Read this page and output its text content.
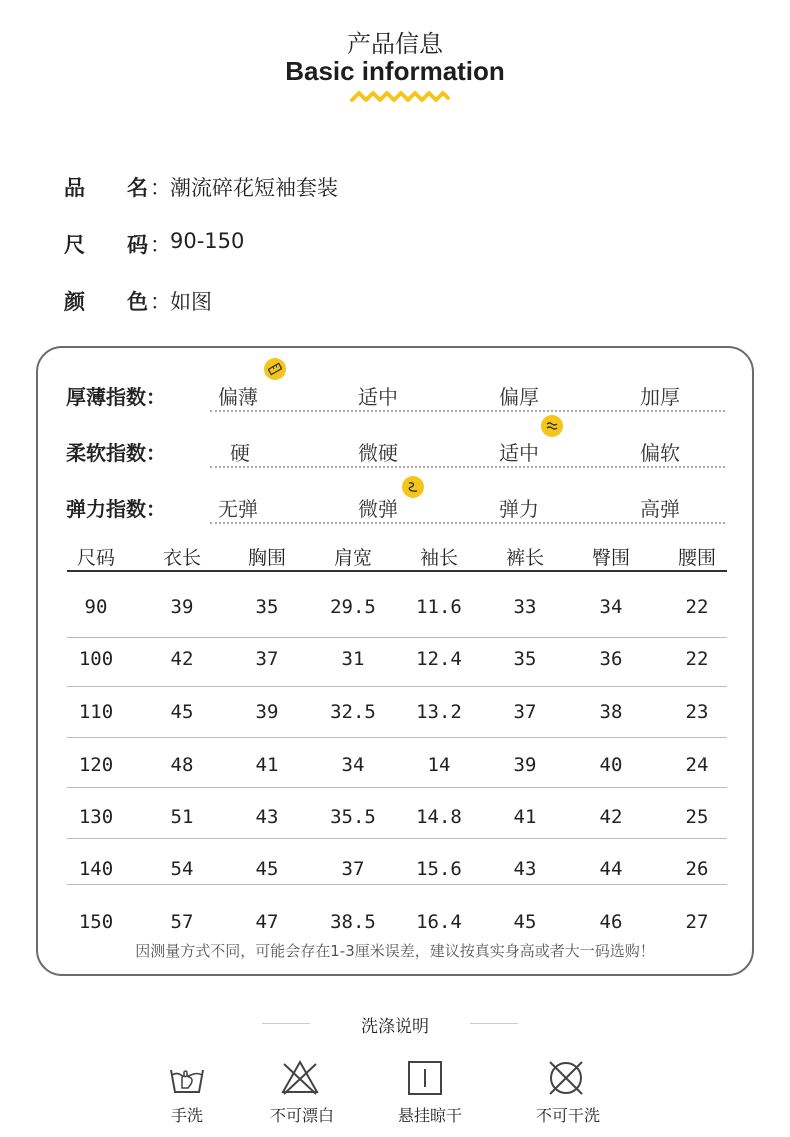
产品信息
Basic information
品　　名 ： 潮流碎花短袖套装
尺　　码 ： 90-150
颜　　色 ： 如图
厚薄指数：	偏薄	适中	偏厚	加厚
柔软指数：	硬	微硬	适中	偏软
弹力指数：	无弹	微弹	弹力	高弹
尺码	衣长	胸围	肩宽	袖长	裤长	臀围	腰围
90	39	35	29.5	11.6	33	34	22
100	42	37	31	12.4	35	36	22
110	45	39	32.5	13.2	37	38	23
120	48	41	34	14	39	40	24
130	51	43	35.5	14.8	41	42	25
140	54	45	37	15.6	43	44	26
150	57	47	38.5	16.4	45	46	27
因测量方式不同，可能会存在1-3厘米误差，建议按真实身高或者大一码选购！
洗涤说明
手洗	不可漂白	悬挂晾干	不可干洗
